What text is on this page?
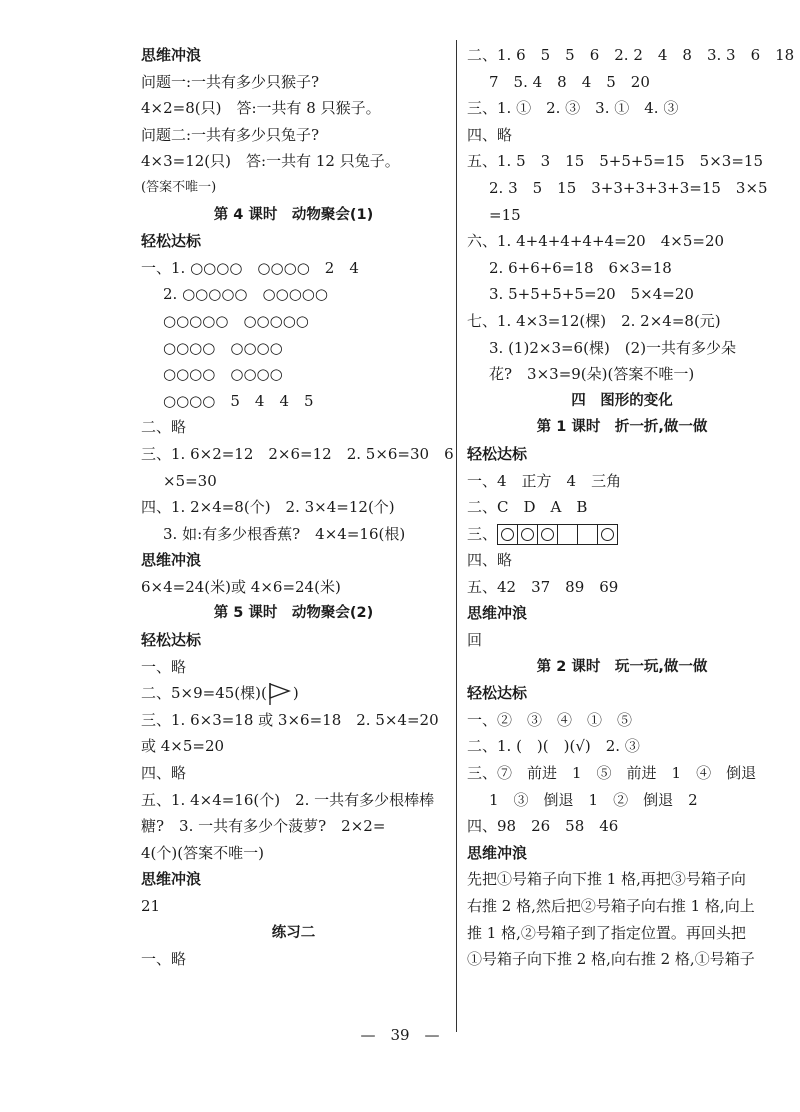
思维冲浪
问题一:一共有多少只猴子?
4×2=8(只)　答:一共有 8 只猴子。
问题二:一共有多少只兔子?
4×3=12(只)　答:一共有 12 只兔子。
(答案不唯一)
第 4 课时　动物聚会(1)
轻松达标
一、1. ○○○○　○○○○　2　4
2. ○○○○○　○○○○○
○○○○○　○○○○○
○○○○　○○○○
○○○○　○○○○
○○○○　5　4　4　5
二、略
三、1. 6×2=12　2×6=12　2. 5×6=30　6
×5=30
四、1. 2×4=8(个)　2. 3×4=12(个)
3. 如:有多少根香蕉?　4×4=16(根)
思维冲浪
6×4=24(米)或 4×6=24(米)
第 5 课时　动物聚会(2)
轻松达标
一、略
二、5×9=45(棵)( )
三、1. 6×3=18 或 3×6=18　2. 5×4=20
或 4×5=20
四、略
五、1. 4×4=16(个)　2. 一共有多少根棒棒
糖?　3. 一共有多少个菠萝?　2×2=
4(个)(答案不唯一)
思维冲浪
21
练习二
一、略
二、1. 6　5　5　6　2. 2　4　8　3. 3　6　18
7　5. 4　8　4　5　20
三、1. ①　2. ③　3. ①　4. ③
四、略
五、1. 5　3　15　5+5+5=15　5×3=15
2. 3　5　15　3+3+3+3+3=15　3×5
=15
六、1. 4+4+4+4+4=20　4×5=20
2. 6+6+6=18　6×3=18
3. 5+5+5+5=20　5×4=20
七、1. 4×3=12(棵)　2. 2×4=8(元)
3. (1)2×3=6(棵)　(2)一共有多少朵
花?　3×3=9(朵)(答案不唯一)
四　图形的变化
第 1 课时　折一折,做一做
轻松达标
一、4　正方　4　三角
二、C　D　A　B
三、
四、略
五、42　37　89　69
思维冲浪
回
第 2 课时　玩一玩,做一做
轻松达标
一、②　③　④　①　⑤
二、1. (　)(　)(√)　2. ③
三、⑦　前进　1　⑤　前进　1　④　倒退
1　③　倒退　1　②　倒退　2
四、98　26　58　46
思维冲浪
先把①号箱子向下推 1 格,再把③号箱子向
右推 2 格,然后把②号箱子向右推 1 格,向上
推 1 格,②号箱子到了指定位置。再回头把
①号箱子向下推 2 格,向右推 2 格,①号箱子
—　39　—
